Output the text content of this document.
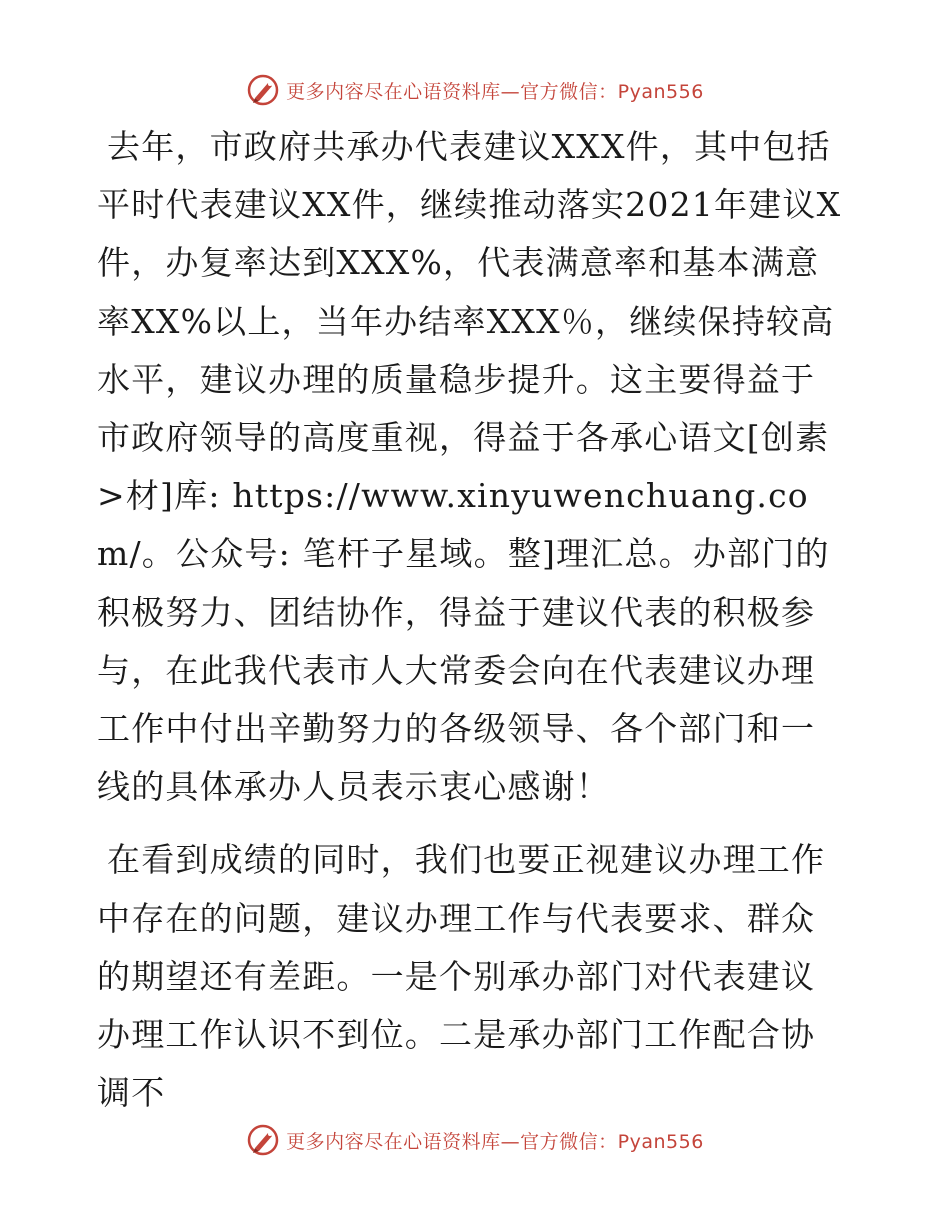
更多内容尽在心语资料库—官方微信：Pyan556

去年，市政府共承办代表建议XXX件，其中包括平时代表建议XX件，继续推动落实2021年建议X件，办复率达到XXX%，代表满意率和基本满意率XX%以上，当年办结率XXX％，继续保持较高水平，建议办理的质量稳步提升。这主要得益于市政府领导的高度重视，得益于各承心语文[创素>材]库: https://www.xinyuwenchuang.com/。公众号: 笔杆子星域。整]理汇总。办部门的积极努力、团结协作，得益于建议代表的积极参与，在此我代表市人大常委会向在代表建议办理工作中付出辛勤努力的各级领导、各个部门和一线的具体承办人员表示衷心感谢！

在看到成绩的同时，我们也要正视建议办理工作中存在的问题，建议办理工作与代表要求、群众的期望还有差距。一是个别承办部门对代表建议办理工作认识不到位。二是承办部门工作配合协调不

更多内容尽在心语资料库—官方微信：Pyan556
